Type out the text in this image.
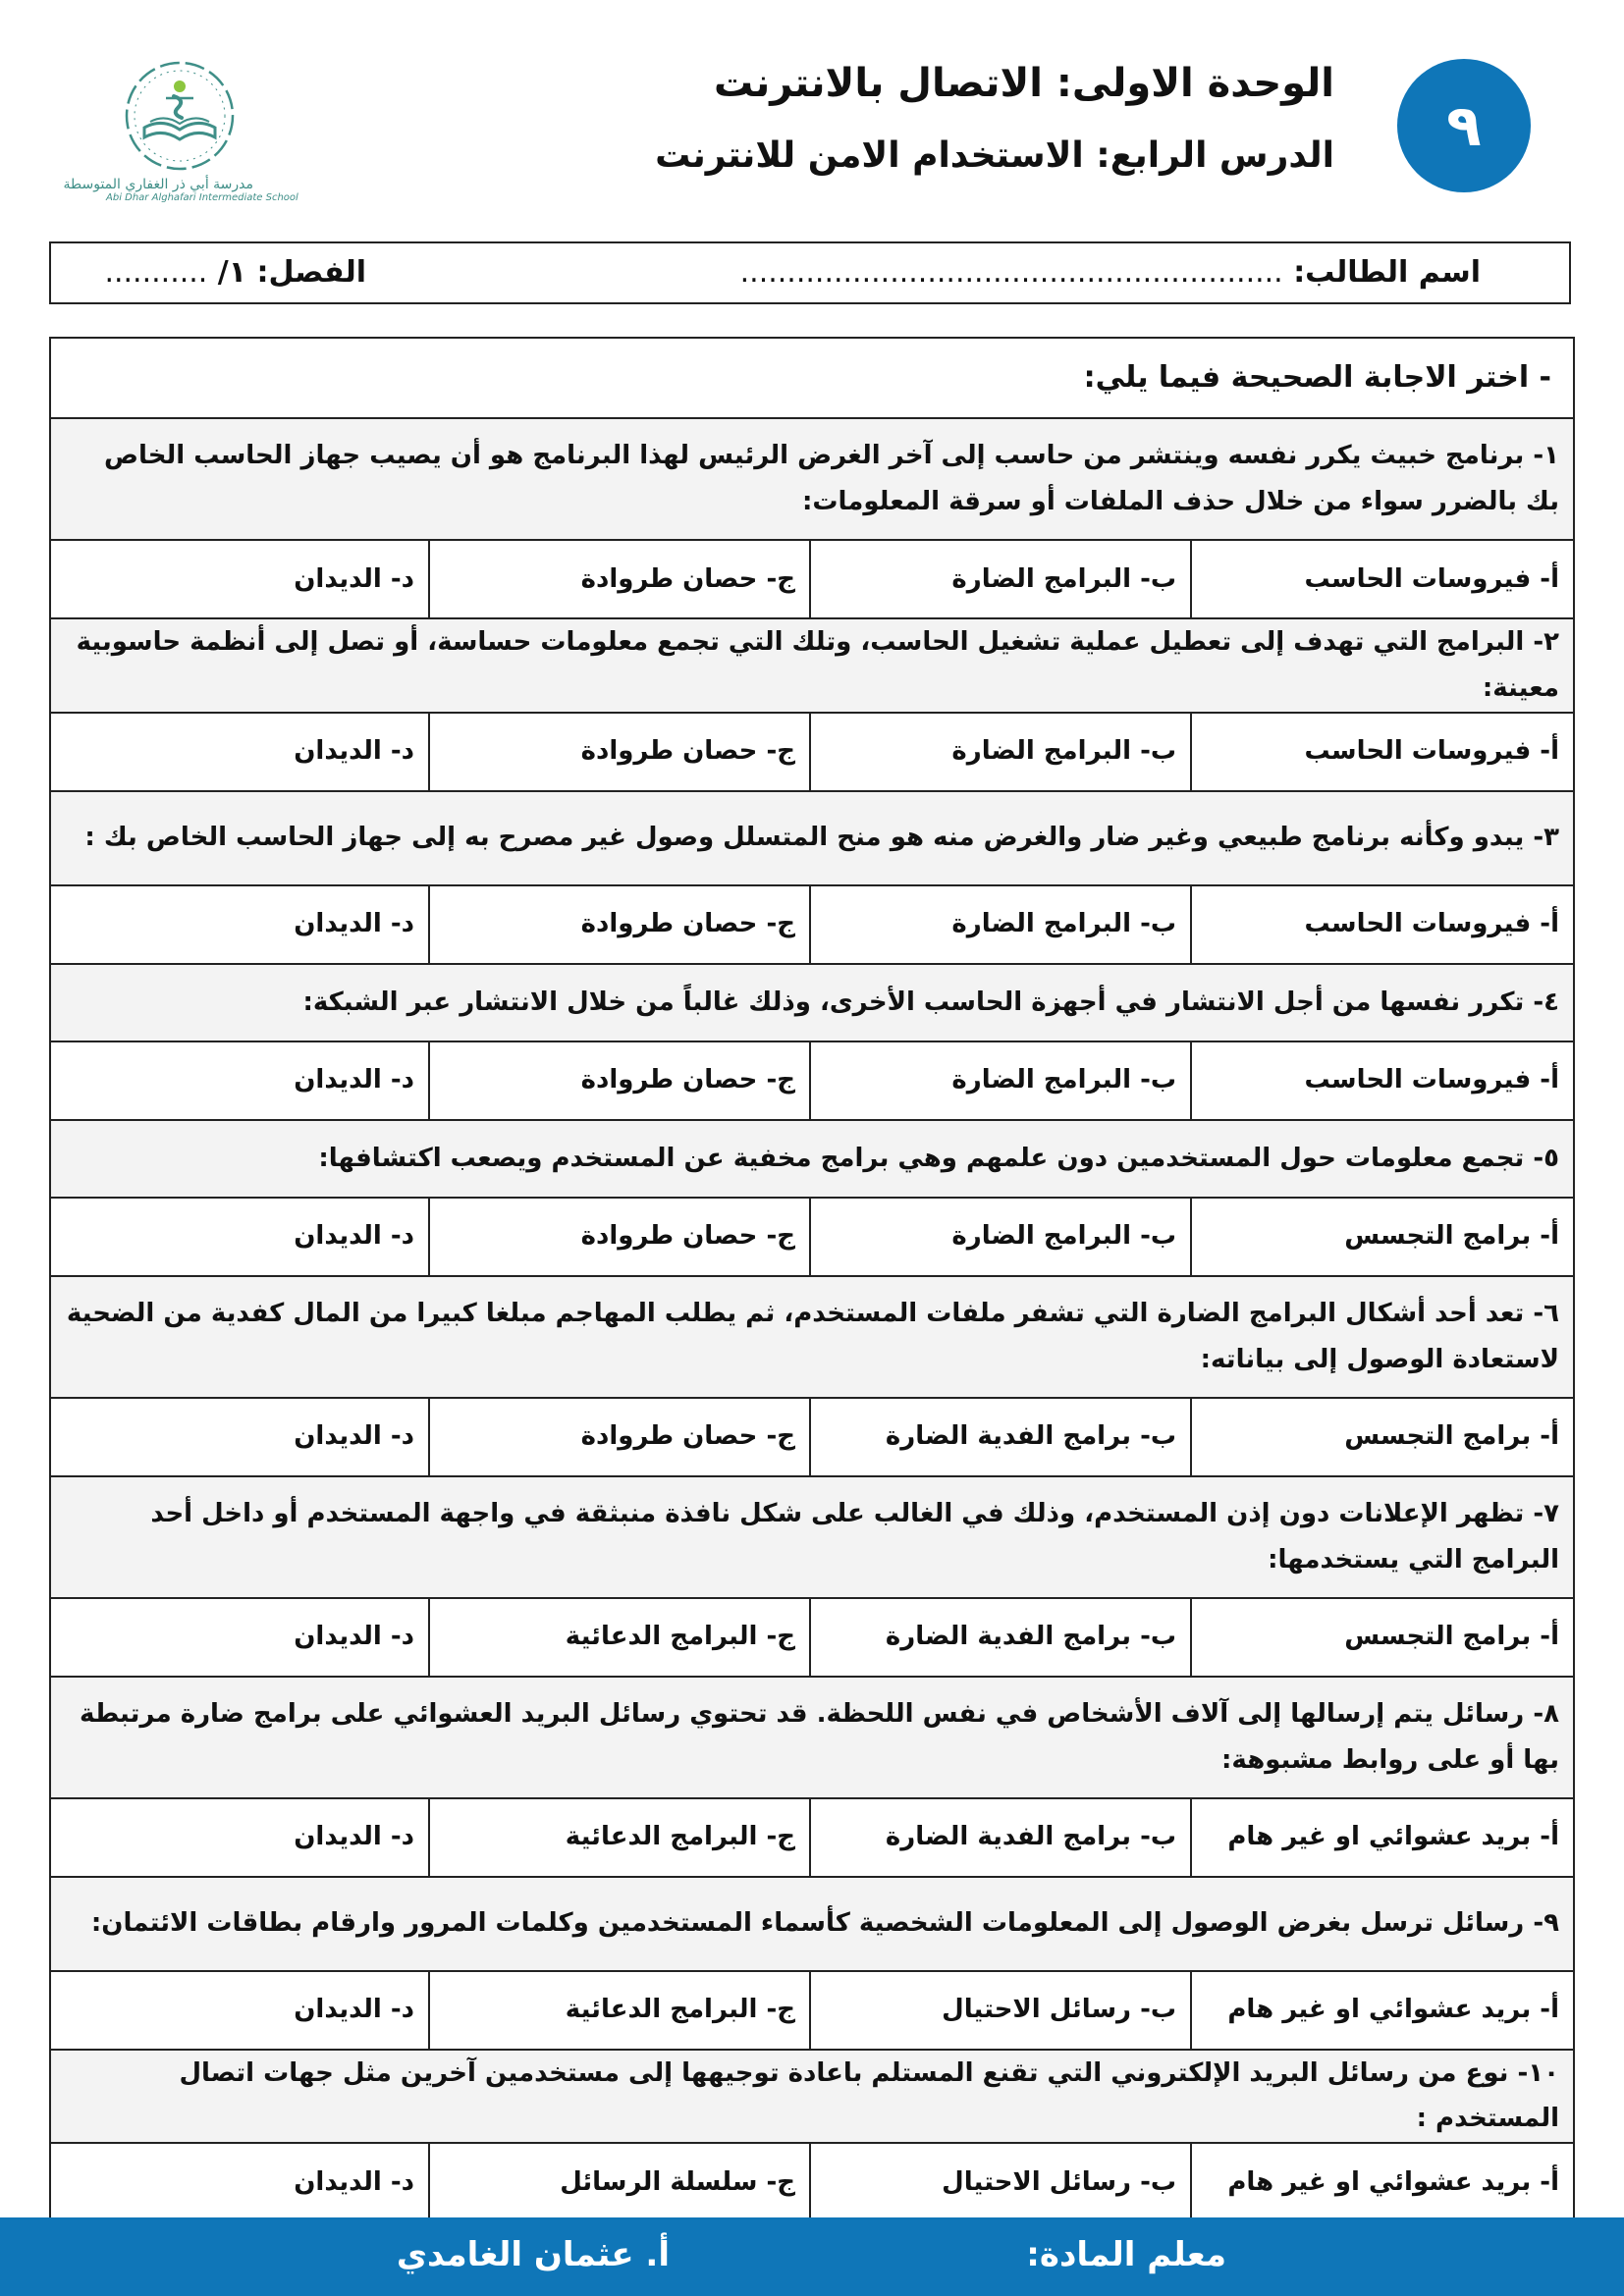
٩
الوحدة الاولى: الاتصال بالانترنت
الدرس الرابع: الاستخدام الامن للانترنت
مدرسة أبي ذر الغفاري المتوسطة
Abi Dhar Alghafari Intermediate School
اسم الطالب: ..........................................................
الفصل: ١/ ...........
- اختر الاجابة الصحيحة فيما يلي:			
١- برنامج خبيث يكرر نفسه وينتشر من حاسب إلى آخر الغرض الرئيس لهذا البرنامج هو أن يصيب جهاز الحاسب الخاص بك بالضرر سواء من خلال حذف الملفات أو سرقة المعلومات:			
أ- فيروسات الحاسب	ب- البرامج الضارة	ج- حصان طروادة	د- الديدان
٢- البرامج التي تهدف إلى تعطيل عملية تشغيل الحاسب، وتلك التي تجمع معلومات حساسة، أو تصل إلى أنظمة حاسوبية معينة:			
أ- فيروسات الحاسب	ب- البرامج الضارة	ج- حصان طروادة	د- الديدان
٣- يبدو وكأنه برنامج طبيعي وغير ضار والغرض منه هو منح المتسلل وصول غير مصرح به إلى جهاز الحاسب الخاص بك :			
أ- فيروسات الحاسب	ب- البرامج الضارة	ج- حصان طروادة	د- الديدان
٤- تكرر نفسها من أجل الانتشار في أجهزة الحاسب الأخرى، وذلك غالباً من خلال الانتشار عبر الشبكة:			
أ- فيروسات الحاسب	ب- البرامج الضارة	ج- حصان طروادة	د- الديدان
٥- تجمع معلومات حول المستخدمين دون علمهم وهي برامج مخفية عن المستخدم ويصعب اكتشافها:			
أ- برامج التجسس	ب- البرامج الضارة	ج- حصان طروادة	د- الديدان
٦- تعد أحد أشكال البرامج الضارة التي تشفر ملفات المستخدم، ثم يطلب المهاجم مبلغا كبيرا من المال كفدية من الضحية لاستعادة الوصول إلى بياناته:			
أ- برامج التجسس	ب- برامج الفدية الضارة	ج- حصان طروادة	د- الديدان
٧- تظهر الإعلانات دون إذن المستخدم، وذلك في الغالب على شكل نافذة منبثقة في واجهة المستخدم أو داخل أحد البرامج التي يستخدمها:			
أ- برامج التجسس	ب- برامج الفدية الضارة	ج- البرامج الدعائية	د- الديدان
٨- رسائل يتم إرسالها إلى آلاف الأشخاص في نفس اللحظة. قد تحتوي رسائل البريد العشوائي على برامج ضارة مرتبطة بها أو على روابط مشبوهة:			
أ- بريد عشوائي او غير هام	ب- برامج الفدية الضارة	ج- البرامج الدعائية	د- الديدان
٩- رسائل ترسل بغرض الوصول إلى المعلومات الشخصية كأسماء المستخدمين وكلمات المرور وارقام بطاقات الائتمان:			
أ- بريد عشوائي او غير هام	ب- رسائل الاحتيال	ج- البرامج الدعائية	د- الديدان
١٠- نوع من رسائل البريد الإلكتروني التي تقنع المستلم باعادة توجيهها إلى مستخدمين آخرين مثل جهات اتصال المستخدم :			
أ- بريد عشوائي او غير هام	ب- رسائل الاحتيال	ج- سلسلة الرسائل	د- الديدان
معلم المادة:
أ. عثمان الغامدي
